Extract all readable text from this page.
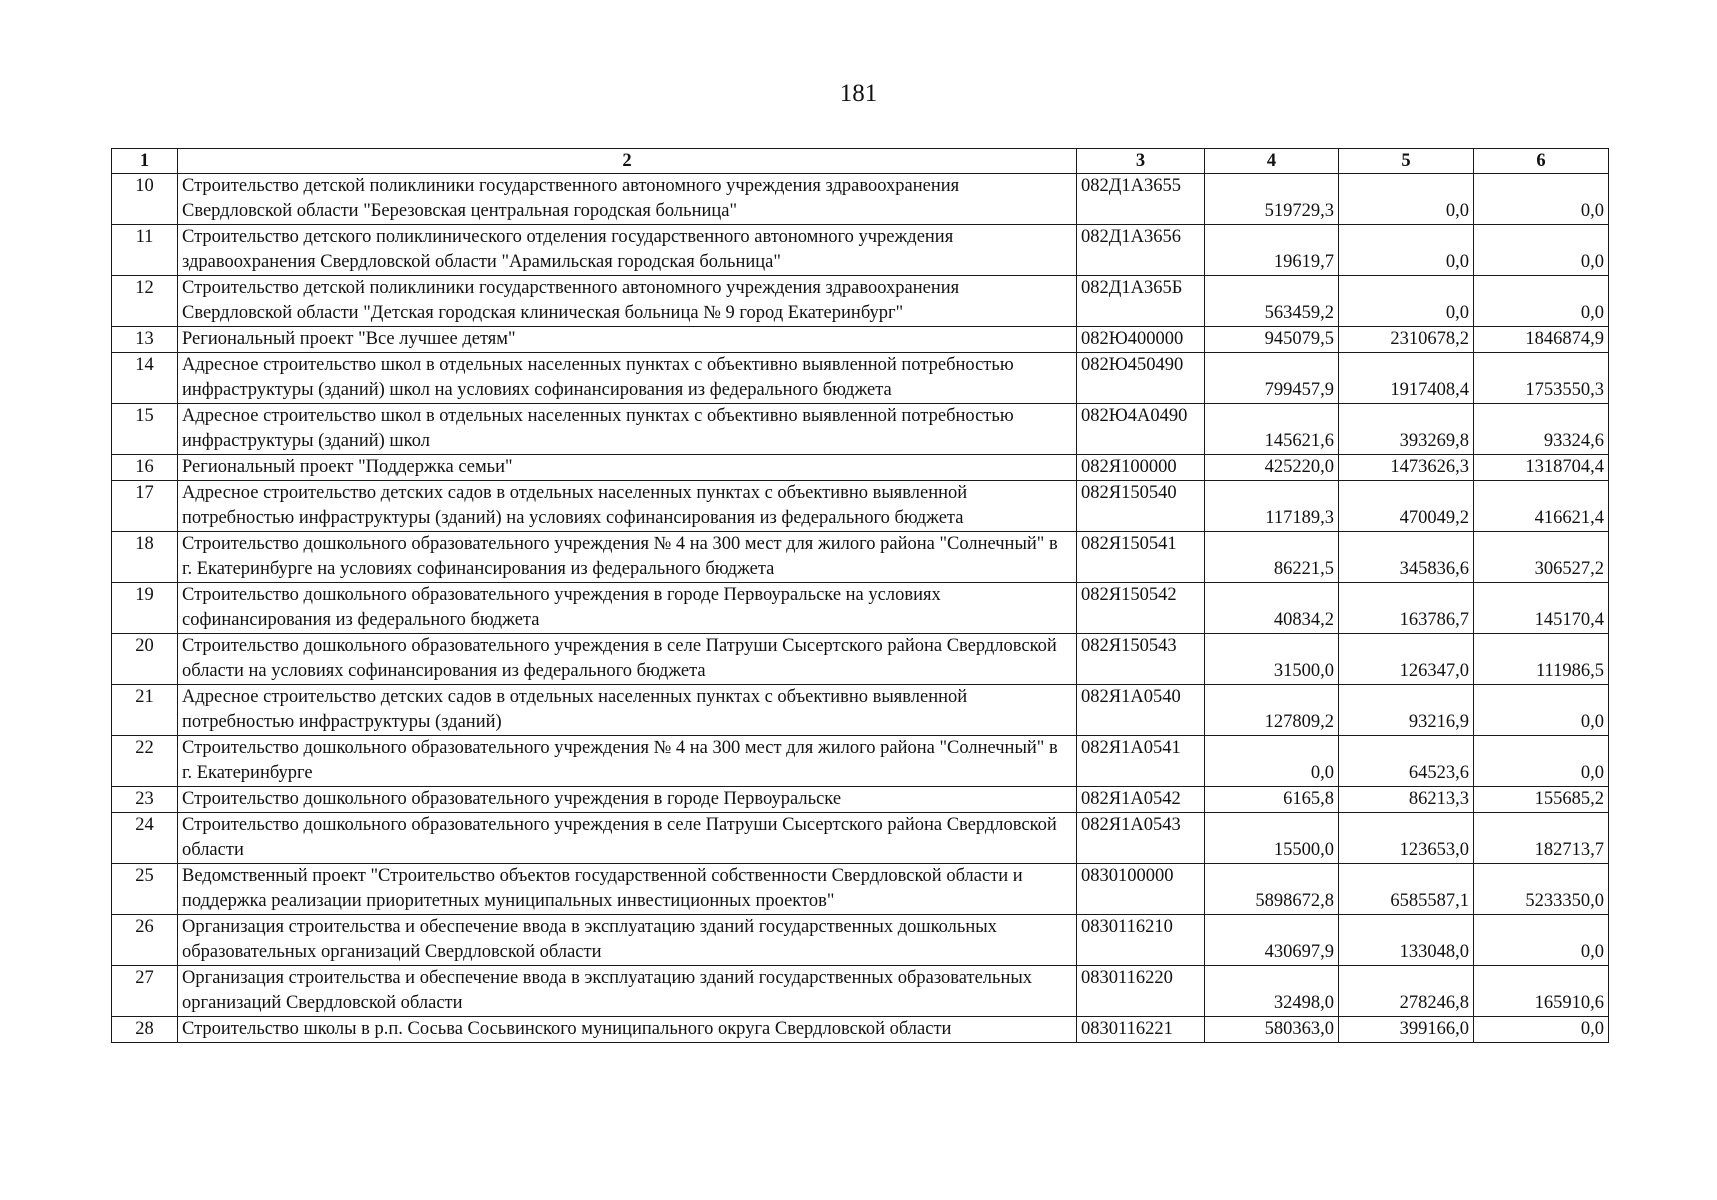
181
1	2	3	4	5	6
10	Строительство детской поликлиники государственного автономного учреждения здравоохранения Свердловской области "Березовская центральная городская больница"	082Д1А3655	519729,3	0,0	0,0
11	Строительство детского поликлинического отделения государственного автономного учреждения здравоохранения Свердловской области "Арамильская городская больница"	082Д1А3656	19619,7	0,0	0,0
12	Строительство детской поликлиники государственного автономного учреждения здравоохранения Свердловской области "Детская городская клиническая больница № 9 город Екатеринбург"	082Д1А365Б	563459,2	0,0	0,0
13	Региональный проект "Все лучшее детям"	082Ю400000	945079,5	2310678,2	1846874,9
14	Адресное строительство школ в отдельных населенных пунктах с объективно выявленной потребностью инфраструктуры (зданий) школ на условиях софинансирования из федерального бюджета	082Ю450490	799457,9	1917408,4	1753550,3
15	Адресное строительство школ в отдельных населенных пунктах с объективно выявленной потребностью инфраструктуры (зданий) школ	082Ю4А0490	145621,6	393269,8	93324,6
16	Региональный проект "Поддержка семьи"	082Я100000	425220,0	1473626,3	1318704,4
17	Адресное строительство детских садов в отдельных населенных пунктах с объективно выявленной потребностью инфраструктуры (зданий) на условиях софинансирования из федерального бюджета	082Я150540	117189,3	470049,2	416621,4
18	Строительство дошкольного образовательного учреждения № 4 на 300 мест для жилого района "Солнечный" в г. Екатеринбурге на условиях софинансирования из федерального бюджета	082Я150541	86221,5	345836,6	306527,2
19	Строительство дошкольного образовательного учреждения в городе Первоуральске на условиях софинансирования из федерального бюджета	082Я150542	40834,2	163786,7	145170,4
20	Строительство дошкольного образовательного учреждения в селе Патруши Сысертского района Свердловской области на условиях софинансирования из федерального бюджета	082Я150543	31500,0	126347,0	111986,5
21	Адресное строительство детских садов в отдельных населенных пунктах с объективно выявленной потребностью инфраструктуры (зданий)	082Я1А0540	127809,2	93216,9	0,0
22	Строительство дошкольного образовательного учреждения № 4 на 300 мест для жилого района "Солнечный" в г. Екатеринбурге	082Я1А0541	0,0	64523,6	0,0
23	Строительство дошкольного образовательного учреждения в городе Первоуральске	082Я1А0542	6165,8	86213,3	155685,2
24	Строительство дошкольного образовательного учреждения в селе Патруши Сысертского района Свердловской области	082Я1А0543	15500,0	123653,0	182713,7
25	Ведомственный проект "Строительство объектов государственной собственности Свердловской области и поддержка реализации приоритетных муниципальных инвестиционных проектов"	0830100000	5898672,8	6585587,1	5233350,0
26	Организация строительства и обеспечение ввода в эксплуатацию зданий государственных дошкольных образовательных организаций Свердловской области	0830116210	430697,9	133048,0	0,0
27	Организация строительства и обеспечение ввода в эксплуатацию зданий государственных образовательных организаций Свердловской области	0830116220	32498,0	278246,8	165910,6
28	Строительство школы в р.п. Сосьва Сосьвинского муниципального округа Свердловской области	0830116221	580363,0	399166,0	0,0
